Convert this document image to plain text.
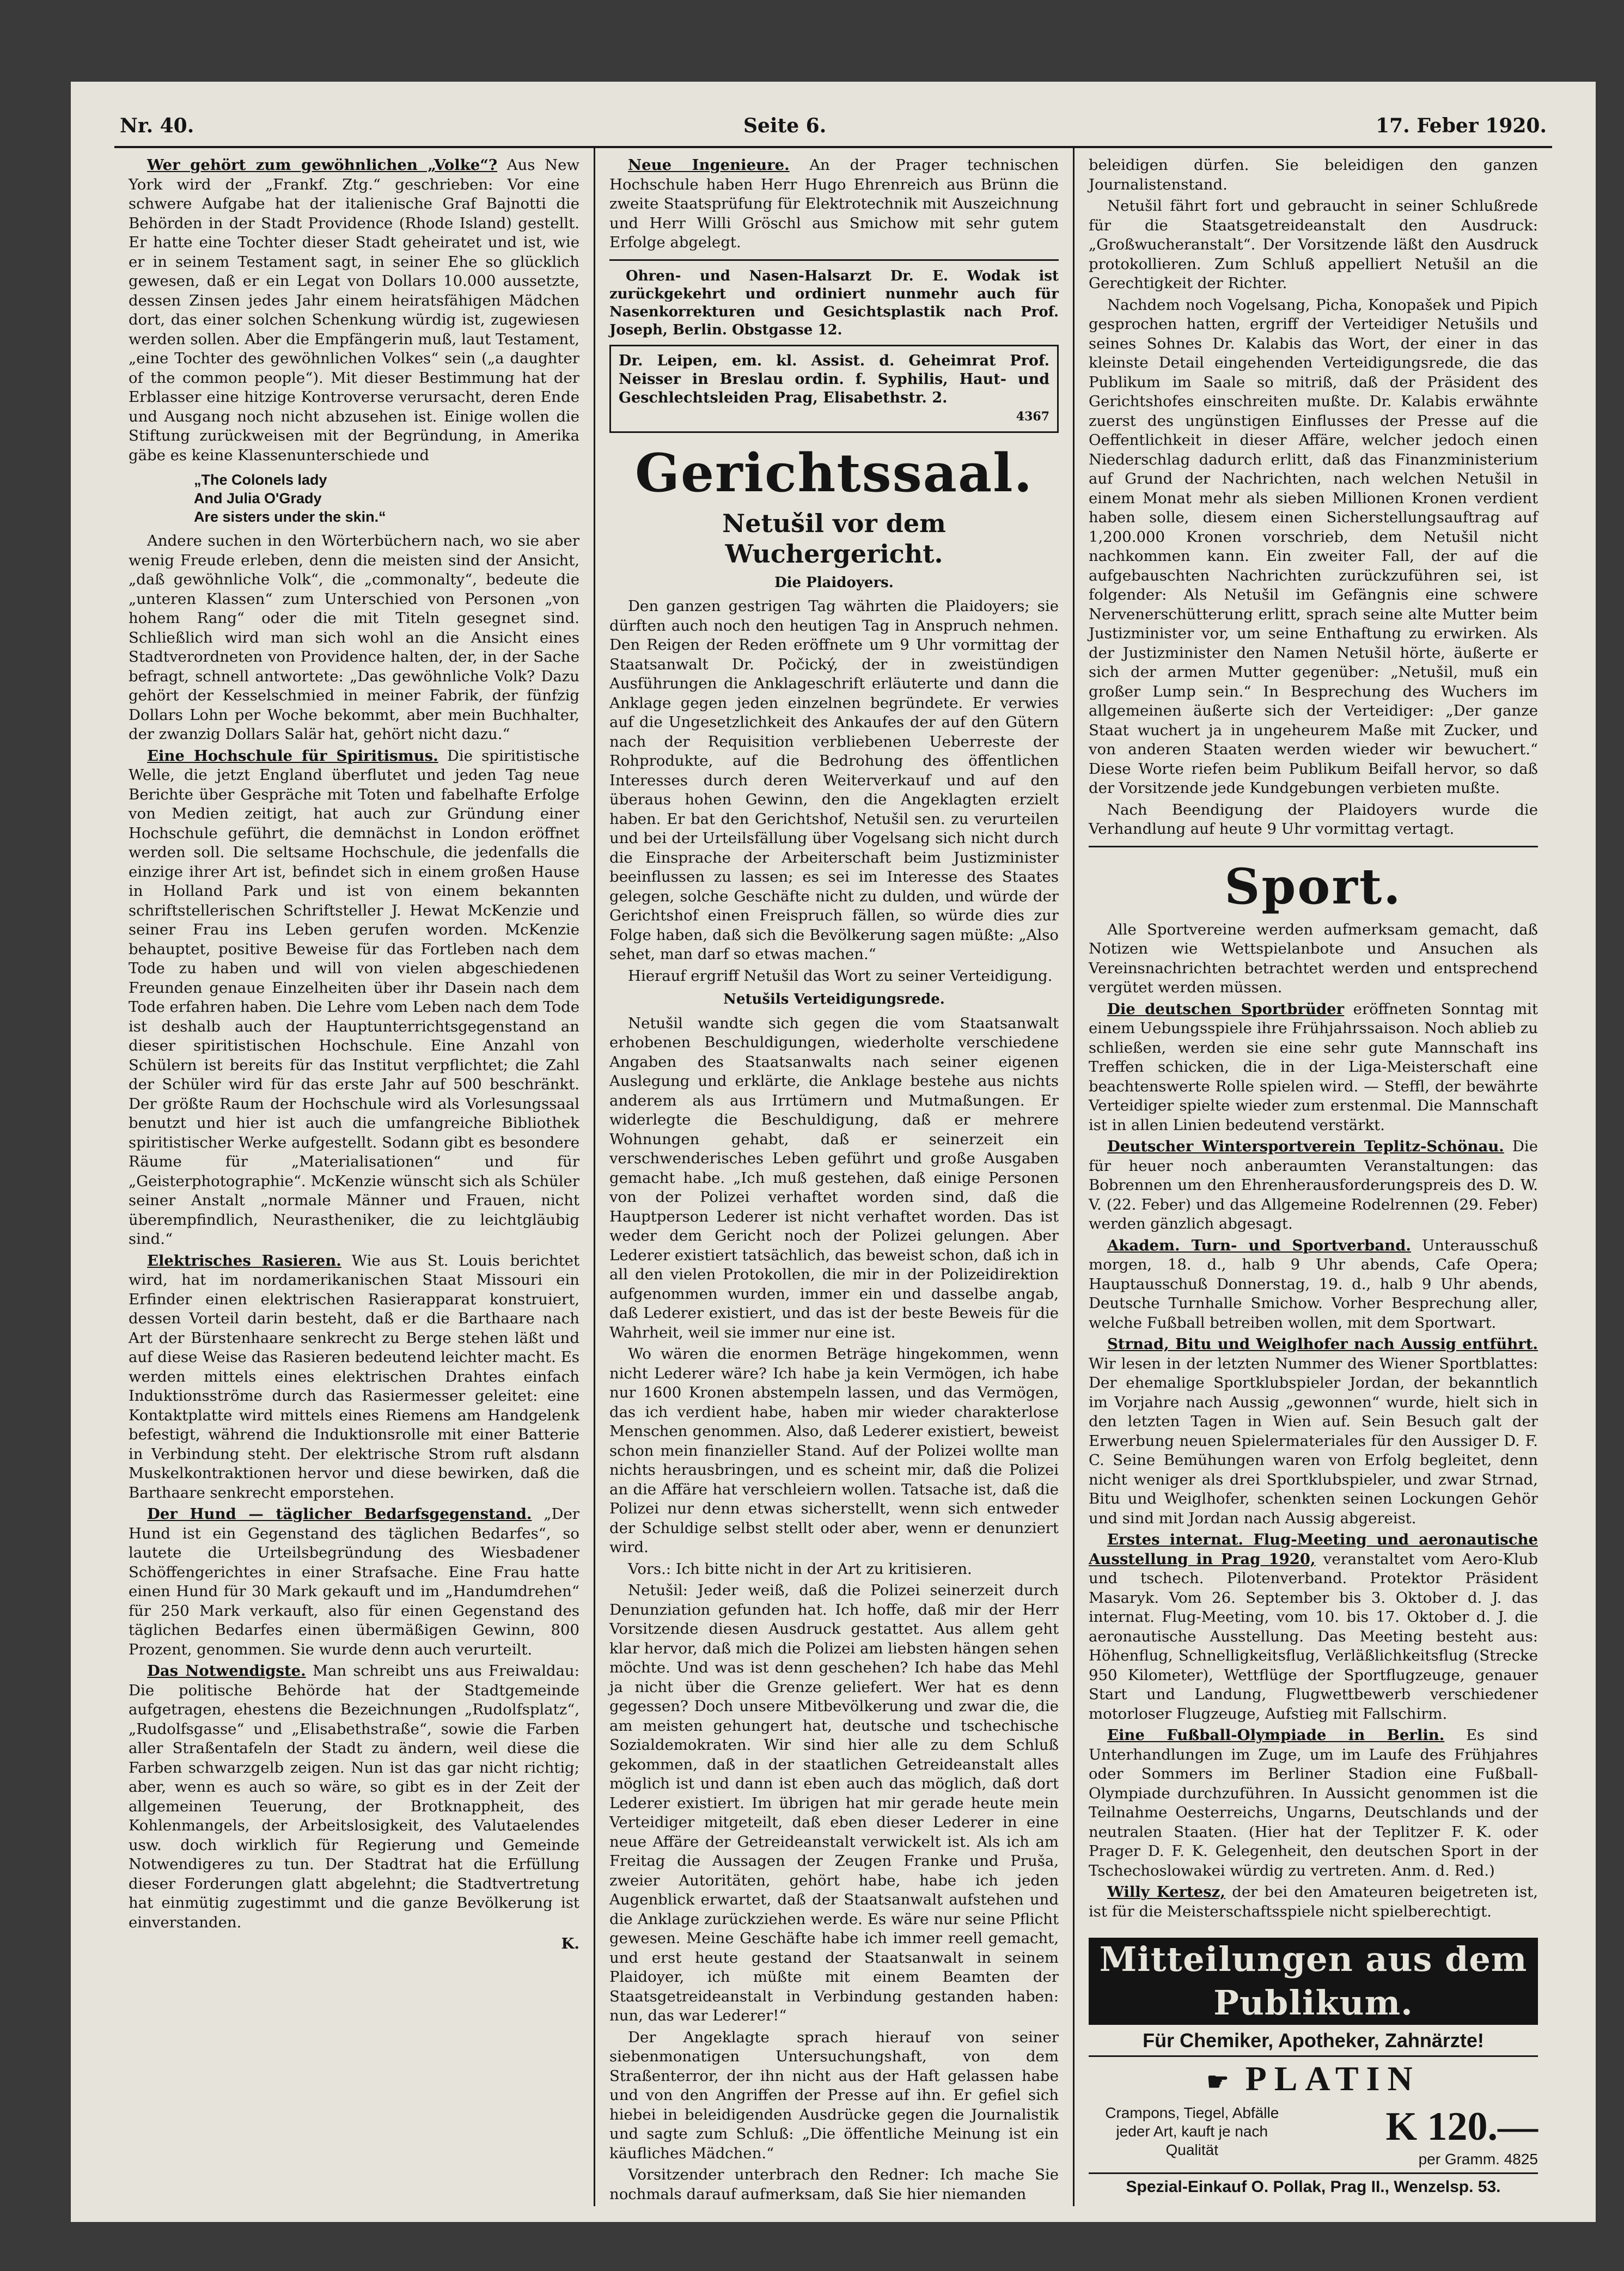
Nr. 40.	Seite 6.	17. Feber 1920.

Wer gehört zum gewöhnlichen „Volke“? Aus New York wird der „Frankf. Ztg.“ geschrieben: Vor eine schwere Aufgabe hat der italienische Graf Bajnotti die Behörden in der Stadt Providence (Rhode Island) gestellt. Er hatte eine Tochter dieser Stadt geheiratet und ist, wie er in seinem Testament sagt, in seiner Ehe so glücklich gewesen, daß er ein Legat von Dollars 10.000 aussetzte, dessen Zinsen jedes Jahr einem heiratsfähigen Mädchen dort, das einer solchen Schenkung würdig ist, zugewiesen werden sollen. Aber die Empfängerin muß, laut Testament, „eine Tochter des gewöhnlichen Volkes“ sein („a daughter of the common people“). Mit dieser Bestimmung hat der Erblasser eine hitzige Kontroverse verursacht, deren Ende und Ausgang noch nicht abzusehen ist. Einige wollen die Stiftung zurückweisen mit der Begründung, in Amerika gäbe es keine Klassenunterschiede und

„The Colonels lady
And Julia O'Grady
Are sisters under the skin.“

Andere suchen in den Wörterbüchern nach, wo sie aber wenig Freude erleben, denn die meisten sind der Ansicht, „daß gewöhnliche Volk“, die „commonalty“, bedeute die „unteren Klassen“ zum Unterschied von Personen „von hohem Rang“ oder die mit Titeln gesegnet sind. Schließlich wird man sich wohl an die Ansicht eines Stadtverordneten von Providence halten, der, in der Sache befragt, schnell antwortete: „Das gewöhnliche Volk? Dazu gehört der Kesselschmied in meiner Fabrik, der fünfzig Dollars Lohn per Woche bekommt, aber mein Buchhalter, der zwanzig Dollars Salär hat, gehört nicht dazu.“

Eine Hochschule für Spiritismus. Die spiritistische Welle, die jetzt England überflutet und jeden Tag neue Berichte über Gespräche mit Toten und fabelhafte Erfolge von Medien zeitigt, hat auch zur Gründung einer Hochschule geführt, die demnächst in London eröffnet werden soll. Die seltsame Hochschule, die jedenfalls die einzige ihrer Art ist, befindet sich in einem großen Hause in Holland Park und ist von einem bekannten schriftstellerischen Schriftsteller J. Hewat McKenzie und seiner Frau ins Leben gerufen worden. McKenzie behauptet, positive Beweise für das Fortleben nach dem Tode zu haben und will von vielen abgeschiedenen Freunden genaue Einzelheiten über ihr Dasein nach dem Tode erfahren haben. Die Lehre vom Leben nach dem Tode ist deshalb auch der Hauptunterrichtsgegenstand an dieser spiritistischen Hochschule. Eine Anzahl von Schülern ist bereits für das Institut verpflichtet; die Zahl der Schüler wird für das erste Jahr auf 500 beschränkt. Der größte Raum der Hochschule wird als Vorlesungssaal benutzt und hier ist auch die umfangreiche Bibliothek spiritistischer Werke aufgestellt. Sodann gibt es besondere Räume für „Materialisationen“ und für „Geisterphotographie“. McKenzie wünscht sich als Schüler seiner Anstalt „normale Männer und Frauen, nicht überempfindlich, Neurastheniker, die zu leichtgläubig sind.“

Elektrisches Rasieren. Wie aus St. Louis berichtet wird, hat im nordamerikanischen Staat Missouri ein Erfinder einen elektrischen Rasierapparat konstruiert, dessen Vorteil darin besteht, daß er die Barthaare nach Art der Bürstenhaare senkrecht zu Berge stehen läßt und auf diese Weise das Rasieren bedeutend leichter macht. Es werden mittels eines elektrischen Drahtes einfach Induktionsströme durch das Rasiermesser geleitet: eine Kontaktplatte wird mittels eines Riemens am Handgelenk befestigt, während die Induktionsrolle mit einer Batterie in Verbindung steht. Der elektrische Strom ruft alsdann Muskelkontraktionen hervor und diese bewirken, daß die Barthaare senkrecht emporstehen.

Der Hund — täglicher Bedarfsgegenstand. „Der Hund ist ein Gegenstand des täglichen Bedarfes“, so lautete die Urteilsbegründung des Wiesbadener Schöffengerichtes in einer Strafsache. Eine Frau hatte einen Hund für 30 Mark gekauft und im „Handumdrehen“ für 250 Mark verkauft, also für einen Gegenstand des täglichen Bedarfes einen übermäßigen Gewinn, 800 Prozent, genommen. Sie wurde denn auch verurteilt.

Das Notwendigste. Man schreibt uns aus Freiwaldau: Die politische Behörde hat der Stadtgemeinde aufgetragen, ehestens die Bezeichnungen „Rudolfsplatz“, „Rudolfsgasse“ und „Elisabethstraße“, sowie die Farben aller Straßentafeln der Stadt zu ändern, weil diese die Farben schwarzgelb zeigen. Nun ist das gar nicht richtig; aber, wenn es auch so wäre, so gibt es in der Zeit der allgemeinen Teuerung, der Brotknappheit, des Kohlenmangels, der Arbeitslosigkeit, des Valutaelendes usw. doch wirklich für Regierung und Gemeinde Notwendigeres zu tun. Der Stadtrat hat die Erfüllung dieser Forderungen glatt abgelehnt; die Stadtvertretung hat einmütig zugestimmt und die ganze Bevölkerung ist einverstanden.

K.

Neue Ingenieure. An der Prager technischen Hochschule haben Herr Hugo Ehrenreich aus Brünn die zweite Staatsprüfung für Elektrotechnik mit Auszeichnung und Herr Willi Gröschl aus Smichow mit sehr gutem Erfolge abgelegt.

Ohren- und Nasen-Halsarzt Dr. E. Wodak ist zurückgekehrt und ordiniert nunmehr auch für Nasenkorrekturen und Gesichtsplastik nach Prof. Joseph, Berlin. Obstgasse 12.

Dr. Leipen, em. kl. Assist. d. Geheimrat Prof. Neisser in Breslau ordin. f. Syphilis, Haut- und Geschlechtsleiden Prag, Elisabethstr. 2.
4367
Gerichtssaal.
Netušil vor dem Wuchergericht.
Die Plaidoyers.

Den ganzen gestrigen Tag währten die Plaidoyers; sie dürften auch noch den heutigen Tag in Anspruch nehmen. Den Reigen der Reden eröffnete um 9 Uhr vormittag der Staatsanwalt Dr. Počický, der in zweistündigen Ausführungen die Anklageschrift erläuterte und dann die Anklage gegen jeden einzelnen begründete. Er verwies auf die Ungesetzlichkeit des Ankaufes der auf den Gütern nach der Requisition verbliebenen Ueberreste der Rohprodukte, auf die Bedrohung des öffentlichen Interesses durch deren Weiterverkauf und auf den überaus hohen Gewinn, den die Angeklagten erzielt haben. Er bat den Gerichtshof, Netušil sen. zu verurteilen und bei der Urteilsfällung über Vogelsang sich nicht durch die Einsprache der Arbeiterschaft beim Justizminister beeinflussen zu lassen; es sei im Interesse des Staates gelegen, solche Geschäfte nicht zu dulden, und würde der Gerichtshof einen Freispruch fällen, so würde dies zur Folge haben, daß sich die Bevölkerung sagen müßte: „Also sehet, man darf so etwas machen.“

Hierauf ergriff Netušil das Wort zu seiner Verteidigung.

Netušils Verteidigungsrede.

Netušil wandte sich gegen die vom Staatsanwalt erhobenen Beschuldigungen, wiederholte verschiedene Angaben des Staatsanwalts nach seiner eigenen Auslegung und erklärte, die Anklage bestehe aus nichts anderem als aus Irrtümern und Mutmaßungen. Er widerlegte die Beschuldigung, daß er mehrere Wohnungen gehabt, daß er seinerzeit ein verschwenderisches Leben geführt und große Ausgaben gemacht habe. „Ich muß gestehen, daß einige Personen von der Polizei verhaftet worden sind, daß die Hauptperson Lederer ist nicht verhaftet worden. Das ist weder dem Gericht noch der Polizei gelungen. Aber Lederer existiert tatsächlich, das beweist schon, daß ich in all den vielen Protokollen, die mir in der Polizeidirektion aufgenommen wurden, immer ein und dasselbe angab, daß Lederer existiert, und das ist der beste Beweis für die Wahrheit, weil sie immer nur eine ist.

Wo wären die enormen Beträge hingekommen, wenn nicht Lederer wäre? Ich habe ja kein Vermögen, ich habe nur 1600 Kronen abstempeln lassen, und das Vermögen, das ich verdient habe, haben mir wieder charakterlose Menschen genommen. Also, daß Lederer existiert, beweist schon mein finanzieller Stand. Auf der Polizei wollte man nichts herausbringen, und es scheint mir, daß die Polizei an die Affäre hat verschleiern wollen. Tatsache ist, daß die Polizei nur denn etwas sicherstellt, wenn sich entweder der Schuldige selbst stellt oder aber, wenn er denunziert wird.

Vors.: Ich bitte nicht in der Art zu kritisieren.

Netušil: Jeder weiß, daß die Polizei seinerzeit durch Denunziation gefunden hat. Ich hoffe, daß mir der Herr Vorsitzende diesen Ausdruck gestattet. Aus allem geht klar hervor, daß mich die Polizei am liebsten hängen sehen möchte. Und was ist denn geschehen? Ich habe das Mehl ja nicht über die Grenze geliefert. Wer hat es denn gegessen? Doch unsere Mitbevölkerung und zwar die, die am meisten gehungert hat, deutsche und tschechische Sozialdemokraten. Wir sind hier alle zu dem Schluß gekommen, daß in der staatlichen Getreideanstalt alles möglich ist und dann ist eben auch das möglich, daß dort Lederer existiert. Im übrigen hat mir gerade heute mein Verteidiger mitgeteilt, daß eben dieser Lederer in eine neue Affäre der Getreideanstalt verwickelt ist. Als ich am Freitag die Aussagen der Zeugen Franke und Pruša, zweier Autoritäten, gehört habe, habe ich jeden Augenblick erwartet, daß der Staatsanwalt aufstehen und die Anklage zurückziehen werde. Es wäre nur seine Pflicht gewesen. Meine Geschäfte habe ich immer reell gemacht, und erst heute gestand der Staatsanwalt in seinem Plaidoyer, ich müßte mit einem Beamten der Staatsgetreideanstalt in Verbindung gestanden haben: nun, das war Lederer!“

Der Angeklagte sprach hierauf von seiner siebenmonatigen Untersuchungshaft, von dem Straßenterror, der ihn nicht aus der Haft gelassen habe und von den Angriffen der Presse auf ihn. Er gefiel sich hiebei in beleidigenden Ausdrücke gegen die Journalistik und sagte zum Schluß: „Die öffentliche Meinung ist ein käufliches Mädchen.“

Vorsitzender unterbrach den Redner: Ich mache Sie nochmals darauf aufmerksam, daß Sie hier niemanden

beleidigen dürfen. Sie beleidigen den ganzen Journalistenstand.

Netušil fährt fort und gebraucht in seiner Schlußrede für die Staatsgetreideanstalt den Ausdruck: „Großwucheranstalt“. Der Vorsitzende läßt den Ausdruck protokollieren. Zum Schluß appelliert Netušil an die Gerechtigkeit der Richter.

Nachdem noch Vogelsang, Picha, Konopašek und Pipich gesprochen hatten, ergriff der Verteidiger Netušils und seines Sohnes Dr. Kalabis das Wort, der einer in das kleinste Detail eingehenden Verteidigungsrede, die das Publikum im Saale so mitriß, daß der Präsident des Gerichtshofes einschreiten mußte. Dr. Kalabis erwähnte zuerst des ungünstigen Einflusses der Presse auf die Oeffentlichkeit in dieser Affäre, welcher jedoch einen Niederschlag dadurch erlitt, daß das Finanzministerium auf Grund der Nachrichten, nach welchen Netušil in einem Monat mehr als sieben Millionen Kronen verdient haben solle, diesem einen Sicherstellungsauftrag auf 1,200.000 Kronen vorschrieb, dem Netušil nicht nachkommen kann. Ein zweiter Fall, der auf die aufgebauschten Nachrichten zurückzuführen sei, ist folgender: Als Netušil im Gefängnis eine schwere Nervenerschütterung erlitt, sprach seine alte Mutter beim Justizminister vor, um seine Enthaftung zu erwirken. Als der Justizminister den Namen Netušil hörte, äußerte er sich der armen Mutter gegenüber: „Netušil, muß ein großer Lump sein.“ In Besprechung des Wuchers im allgemeinen äußerte sich der Verteidiger: „Der ganze Staat wuchert ja in ungeheurem Maße mit Zucker, und von anderen Staaten werden wieder wir bewuchert.“ Diese Worte riefen beim Publikum Beifall hervor, so daß der Vorsitzende jede Kundgebungen verbieten mußte.

Nach Beendigung der Plaidoyers wurde die Verhandlung auf heute 9 Uhr vormittag vertagt.

Sport.

Alle Sportvereine werden aufmerksam gemacht, daß Notizen wie Wettspielanbote und Ansuchen als Vereinsnachrichten betrachtet werden und entsprechend vergütet werden müssen.

Die deutschen Sportbrüder eröffneten Sonntag mit einem Uebungsspiele ihre Frühjahrssaison. Noch ablieb zu schließen, werden sie eine sehr gute Mannschaft ins Treffen schicken, die in der Liga-Meisterschaft eine beachtenswerte Rolle spielen wird. — Steffl, der bewährte Verteidiger spielte wieder zum erstenmal. Die Mannschaft ist in allen Linien bedeutend verstärkt.

Deutscher Wintersportverein Teplitz-Schönau. Die für heuer noch anberaumten Veranstaltungen: das Bobrennen um den Ehrenherausforderungspreis des D. W. V. (22. Feber) und das Allgemeine Rodelrennen (29. Feber) werden gänzlich abgesagt.

Akadem. Turn- und Sportverband. Unterausschuß morgen, 18. d., halb 9 Uhr abends, Cafe Opera; Hauptausschuß Donnerstag, 19. d., halb 9 Uhr abends, Deutsche Turnhalle Smichow. Vorher Besprechung aller, welche Fußball betreiben wollen, mit dem Sportwart.

Strnad, Bitu und Weiglhofer nach Aussig entführt. Wir lesen in der letzten Nummer des Wiener Sportblattes: Der ehemalige Sportklubspieler Jordan, der bekanntlich im Vorjahre nach Aussig „gewonnen“ wurde, hielt sich in den letzten Tagen in Wien auf. Sein Besuch galt der Erwerbung neuen Spielermateriales für den Aussiger D. F. C. Seine Bemühungen waren von Erfolg begleitet, denn nicht weniger als drei Sportklubspieler, und zwar Strnad, Bitu und Weiglhofer, schenkten seinen Lockungen Gehör und sind mit Jordan nach Aussig abgereist.

Erstes internat. Flug-Meeting und aeronautische Ausstellung in Prag 1920, veranstaltet vom Aero-Klub und tschech. Pilotenverband. Protektor Präsident Masaryk. Vom 26. September bis 3. Oktober d. J. das internat. Flug-Meeting, vom 10. bis 17. Oktober d. J. die aeronautische Ausstellung. Das Meeting besteht aus: Höhenflug, Schnelligkeitsflug, Verläßlichkeitsflug (Strecke 950 Kilometer), Wettflüge der Sportflugzeuge, genauer Start und Landung, Flugwettbewerb verschiedener motorloser Flugzeuge, Aufstieg mit Fallschirm.

Eine Fußball-Olympiade in Berlin. Es sind Unterhandlungen im Zuge, um im Laufe des Frühjahres oder Sommers im Berliner Stadion eine Fußball-Olympiade durchzuführen. In Aussicht genommen ist die Teilnahme Oesterreichs, Ungarns, Deutschlands und der neutralen Staaten. (Hier hat der Teplitzer F. K. oder Prager D. F. K. Gelegenheit, den deutschen Sport in der Tschechoslowakei würdig zu vertreten. Anm. d. Red.)

Willy Kertesz, der bei den Amateuren beigetreten ist, ist für die Meisterschaftsspiele nicht spielberechtigt.

Mitteilungen aus dem Publikum.
Für Chemiker, Apotheker, Zahnärzte!
☛ PLATIN
Crampons, Tiegel, Abfälle jeder Art, kauft je nach Qualität
K 120.—
per Gramm. 4825
Spezial-Einkauf O. Pollak, Prag II., Wenzelsp. 53.
